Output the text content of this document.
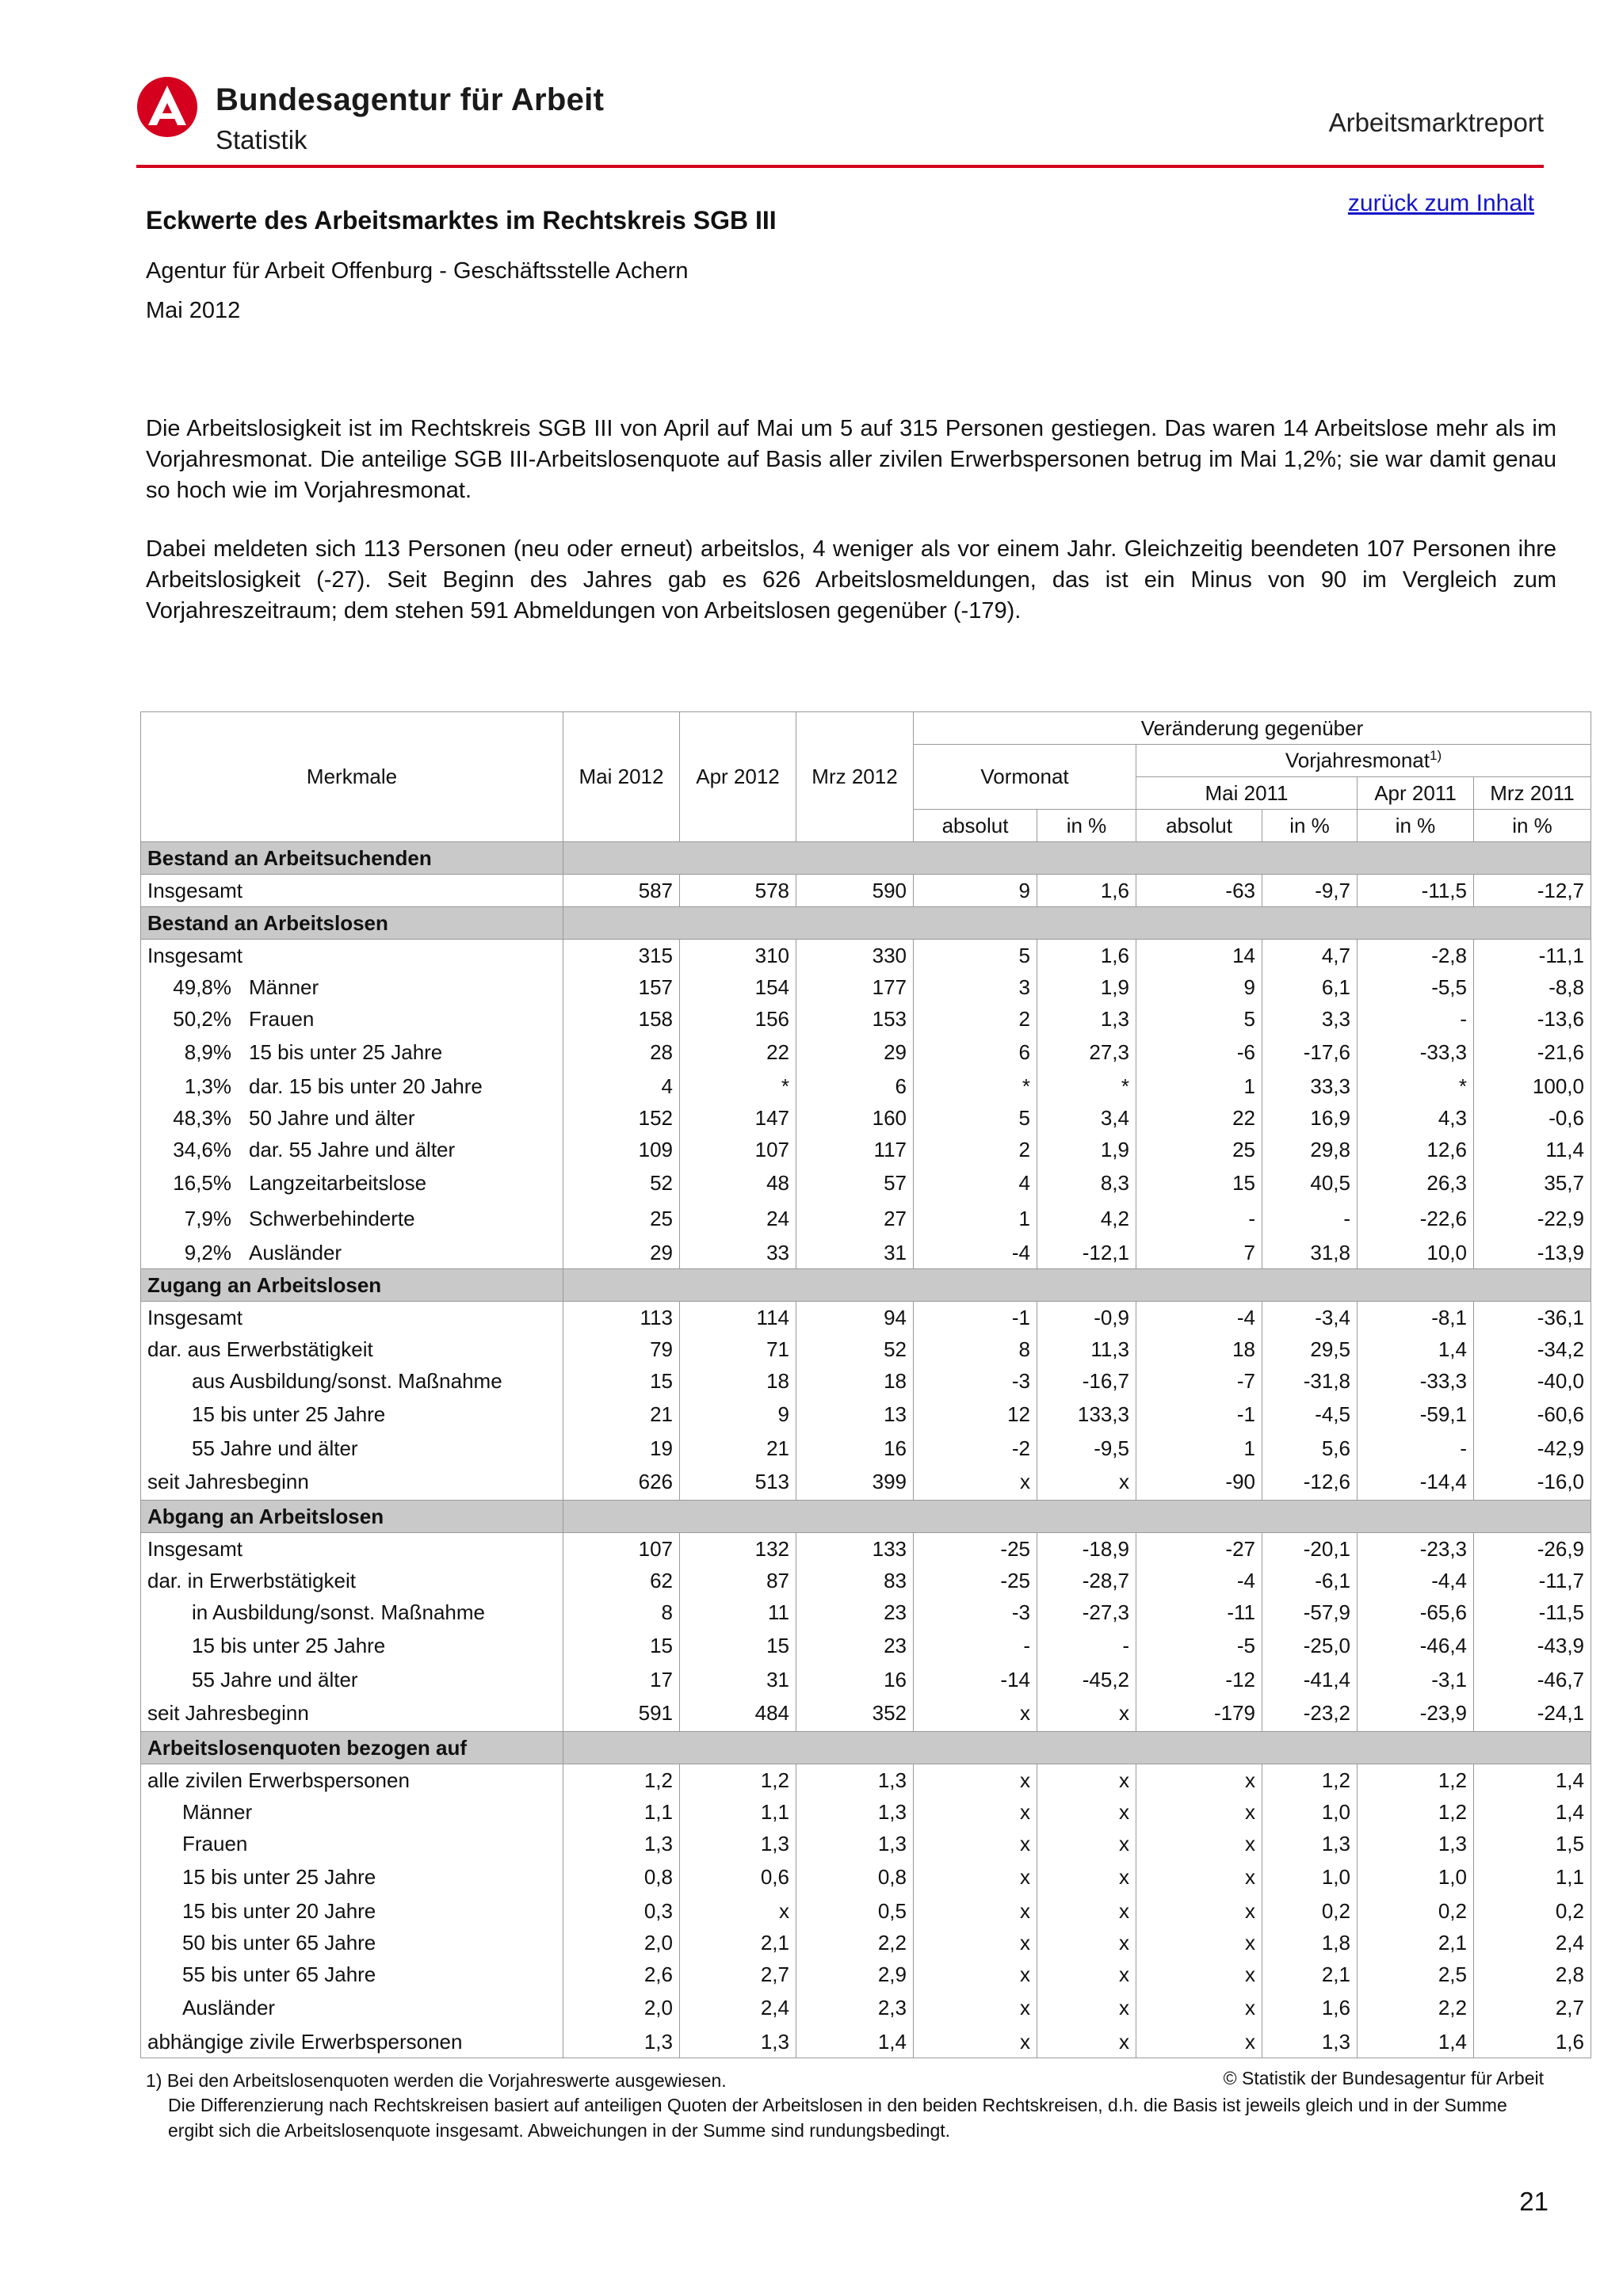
Bundesagentur für Arbeit
Statistik
Arbeitsmarktreport
zurück zum Inhalt
Eckwerte des Arbeitsmarktes im Rechtskreis SGB III
Agentur für Arbeit Offenburg - Geschäftsstelle Achern
Mai 2012
Die Arbeitslosigkeit ist im Rechtskreis SGB III von April auf Mai um 5 auf 315 Personen gestiegen. Das waren 14 Arbeitslose mehr als im Vorjahresmonat. Die anteilige SGB III-Arbeitslosenquote auf Basis aller zivilen Erwerbspersonen betrug im Mai 1,2%; sie war damit genau so hoch wie im Vorjahresmonat.
Dabei meldeten sich 113 Personen (neu oder erneut) arbeitslos, 4 weniger als vor einem Jahr. Gleichzeitig beendeten 107 Personen ihre Arbeitslosigkeit (-27). Seit Beginn des Jahres gab es 626 Arbeitslosmeldungen, das ist ein Minus von 90 im Vergleich zum Vorjahreszeitraum; dem stehen 591 Abmeldungen von Arbeitslosen gegenüber (-179).
Merkmale	Mai 2012	Apr 2012	Mrz 2012	Veränderung gegenüber					
				Vormonat		Vorjahresmonat$^{1)}$
						Mai 2011		Apr 2011	Mrz 2011
				absolut	in %	absolut	in %	in %	in %
Bestand an Arbeitsuchenden									
Insgesamt	587	578	590	9	1,6	-63	-9,7	-11,5	-12,7
Bestand an Arbeitslosen									
Insgesamt	315	310	330	5	1,6	14	4,7	-2,8	-11,1
49,8% Männer	157	154	177	3	1,9	9	6,1	-5,5	-8,8
50,2% Frauen	158	156	153	2	1,3	5	3,3	-	-13,6
8,9% 15 bis unter 25 Jahre	28	22	29	6	27,3	-6	-17,6	-33,3	-21,6
1,3% dar. 15 bis unter 20 Jahre	4	*	6	*	*	1	33,3	*	100,0
48,3% 50 Jahre und älter	152	147	160	5	3,4	22	16,9	4,3	-0,6
34,6% dar. 55 Jahre und älter	109	107	117	2	1,9	25	29,8	12,6	11,4
16,5% Langzeitarbeitslose	52	48	57	4	8,3	15	40,5	26,3	35,7
7,9% Schwerbehinderte	25	24	27	1	4,2	-	-	-22,6	-22,9
9,2% Ausländer	29	33	31	-4	-12,1	7	31,8	10,0	-13,9
Zugang an Arbeitslosen									
Insgesamt	113	114	94	-1	-0,9	-4	-3,4	-8,1	-36,1
dar. aus Erwerbstätigkeit	79	71	52	8	11,3	18	29,5	1,4	-34,2
aus Ausbildung/sonst. Maßnahme	15	18	18	-3	-16,7	-7	-31,8	-33,3	-40,0
15 bis unter 25 Jahre	21	9	13	12	133,3	-1	-4,5	-59,1	-60,6
55 Jahre und älter	19	21	16	-2	-9,5	1	5,6	-	-42,9
seit Jahresbeginn	626	513	399	x	x	-90	-12,6	-14,4	-16,0
Abgang an Arbeitslosen									
Insgesamt	107	132	133	-25	-18,9	-27	-20,1	-23,3	-26,9
dar. in Erwerbstätigkeit	62	87	83	-25	-28,7	-4	-6,1	-4,4	-11,7
in Ausbildung/sonst. Maßnahme	8	11	23	-3	-27,3	-11	-57,9	-65,6	-11,5
15 bis unter 25 Jahre	15	15	23	-	-	-5	-25,0	-46,4	-43,9
55 Jahre und älter	17	31	16	-14	-45,2	-12	-41,4	-3,1	-46,7
seit Jahresbeginn	591	484	352	x	x	-179	-23,2	-23,9	-24,1
Arbeitslosenquoten bezogen auf									
alle zivilen Erwerbspersonen	1,2	1,2	1,3	x	x	x	1,2	1,2	1,4
Männer	1,1	1,1	1,3	x	x	x	1,0	1,2	1,4
Frauen	1,3	1,3	1,3	x	x	x	1,3	1,3	1,5
15 bis unter 25 Jahre	0,8	0,6	0,8	x	x	x	1,0	1,0	1,1
15 bis unter 20 Jahre	0,3	x	0,5	x	x	x	0,2	0,2	0,2
50 bis unter 65 Jahre	2,0	2,1	2,2	x	x	x	1,8	2,1	2,4
55 bis unter 65 Jahre	2,6	2,7	2,9	x	x	x	2,1	2,5	2,8
Ausländer	2,0	2,4	2,3	x	x	x	1,6	2,2	2,7
abhängige zivile Erwerbspersonen	1,3	1,3	1,4	x	x	x	1,3	1,4	1,6
1) Bei den Arbeitslosenquoten werden die Vorjahreswerte ausgewiesen.	© Statistik der Bundesagentur für Arbeit
Die Differenzierung nach Rechtskreisen basiert auf anteiligen Quoten der Arbeitslosen in den beiden Rechtskreisen, d.h. die Basis ist jeweils gleich und in der Summe ergibt sich die Arbeitslosenquote insgesamt. Abweichungen in der Summe sind rundungsbedingt.
21
